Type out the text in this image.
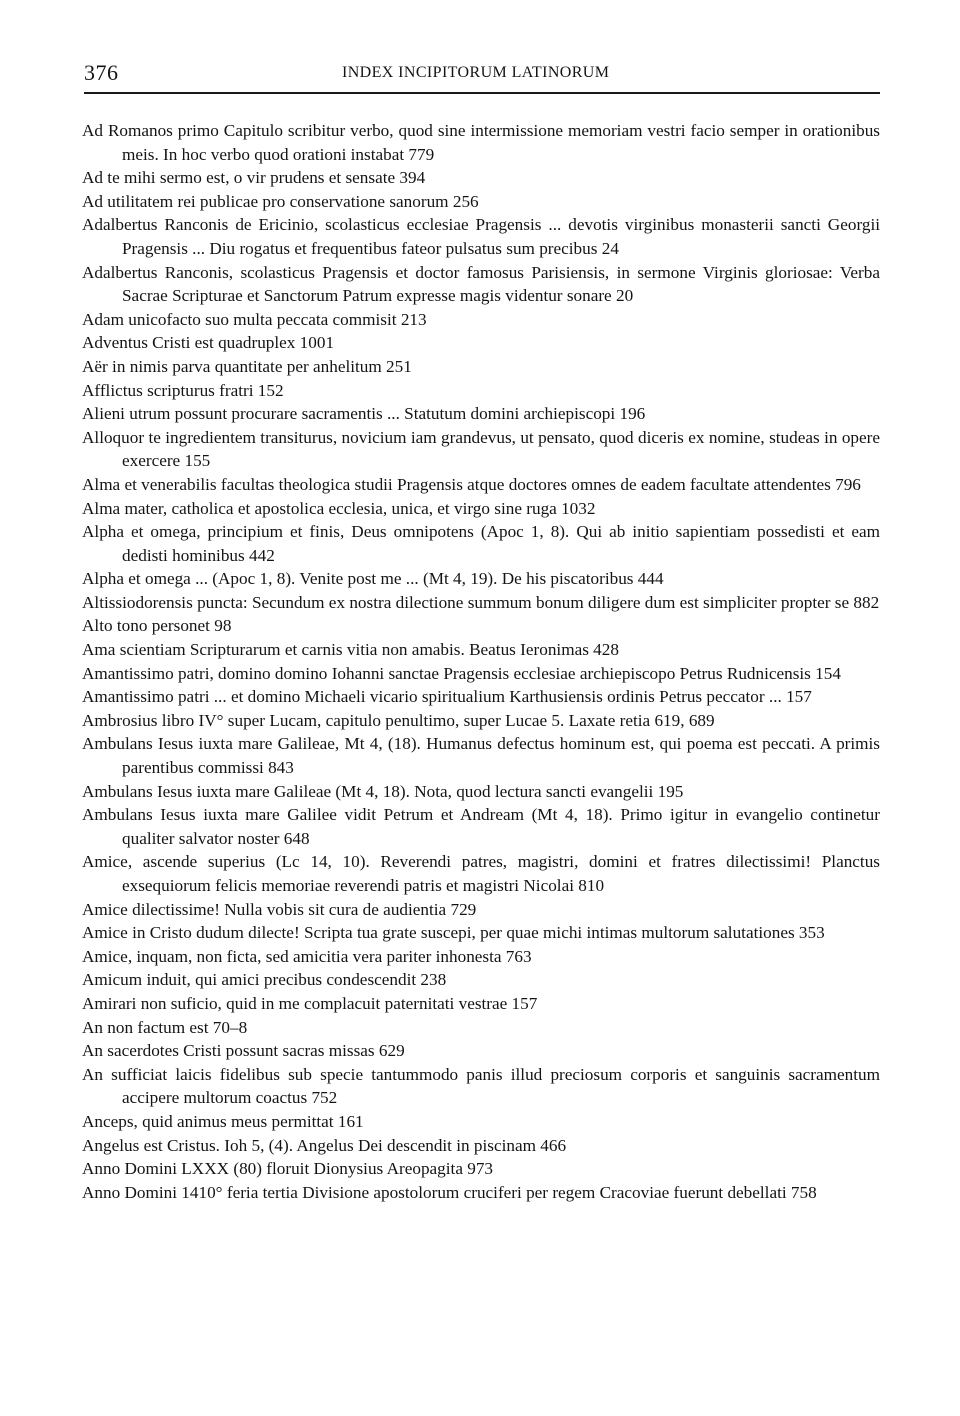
376	INDEX INCIPITORUM LATINORUM
Ad Romanos primo Capitulo scribitur verbo, quod sine intermissione memoriam vestri facio semper in orationibus meis. In hoc verbo quod orationi instabat 779
Ad te mihi sermo est, o vir prudens et sensate 394
Ad utilitatem rei publicae pro conservatione sanorum 256
Adalbertus Ranconis de Ericinio, scolasticus ecclesiae Pragensis ... devotis virginibus monasterii sancti Georgii Pragensis ... Diu rogatus et frequentibus fateor pulsatus sum precibus 24
Adalbertus Ranconis, scolasticus Pragensis et doctor famosus Parisiensis, in sermone Virginis gloriosae: Verba Sacrae Scripturae et Sanctorum Patrum expresse magis videntur sonare 20
Adam unicofacto suo multa peccata commisit 213
Adventus Cristi est quadruplex 1001
Aër in nimis parva quantitate per anhelitum 251
Afflictus scripturus fratri 152
Alieni utrum possunt procurare sacramentis ... Statutum domini archiepiscopi 196
Alloquor te ingredientem transiturus, novicium iam grandevus, ut pensato, quod diceris ex nomine, studeas in opere exercere 155
Alma et venerabilis facultas theologica studii Pragensis atque doctores omnes de eadem facultate attendentes 796
Alma mater, catholica et apostolica ecclesia, unica, et virgo sine ruga 1032
Alpha et omega, principium et finis, Deus omnipotens (Apoc 1, 8). Qui ab initio sapientiam possedisti et eam dedisti hominibus 442
Alpha et omega ... (Apoc 1, 8). Venite post me ... (Mt 4, 19). De his piscatoribus 444
Altissiodorensis puncta: Secundum ex nostra dilectione summum bonum diligere dum est simpliciter propter se 882
Alto tono personet 98
Ama scientiam Scripturarum et carnis vitia non amabis. Beatus Ieronimas 428
Amantissimo patri, domino domino Iohanni sanctae Pragensis ecclesiae archiepiscopo Petrus Rudnicensis 154
Amantissimo patri ... et domino Michaeli vicario spiritualium Karthusiensis ordinis Petrus peccator ... 157
Ambrosius libro IV° super Lucam, capitulo penultimo, super Lucae 5. Laxate retia 619, 689
Ambulans Iesus iuxta mare Galileae, Mt 4, (18). Humanus defectus hominum est, qui poema est peccati. A primis parentibus commissi 843
Ambulans Iesus iuxta mare Galileae (Mt 4, 18). Nota, quod lectura sancti evangelii 195
Ambulans Iesus iuxta mare Galilee vidit Petrum et Andream (Mt 4, 18). Primo igitur in evangelio continetur qualiter salvator noster 648
Amice, ascende superius (Lc 14, 10). Reverendi patres, magistri, domini et fratres dilectissimi! Planctus exsequiorum felicis memoriae reverendi patris et magistri Nicolai 810
Amice dilectissime! Nulla vobis sit cura de audientia 729
Amice in Cristo dudum dilecte! Scripta tua grate suscepi, per quae michi intimas multorum salutationes 353
Amice, inquam, non ficta, sed amicitia vera pariter inhonesta 763
Amicum induit, qui amici precibus condescendit 238
Amirari non suficio, quid in me complacuit paternitati vestrae 157
An non factum est 70–8
An sacerdotes Cristi possunt sacras missas 629
An sufficiat laicis fidelibus sub specie tantummodo panis illud preciosum corporis et sanguinis sacramentum accipere multorum coactus 752
Anceps, quid animus meus permittat 161
Angelus est Cristus. Ioh 5, (4). Angelus Dei descendit in piscinam 466
Anno Domini LXXX (80) floruit Dionysius Areopagita 973
Anno Domini 1410° feria tertia Divisione apostolorum cruciferi per regem Cracoviae fuerunt debellati 758
